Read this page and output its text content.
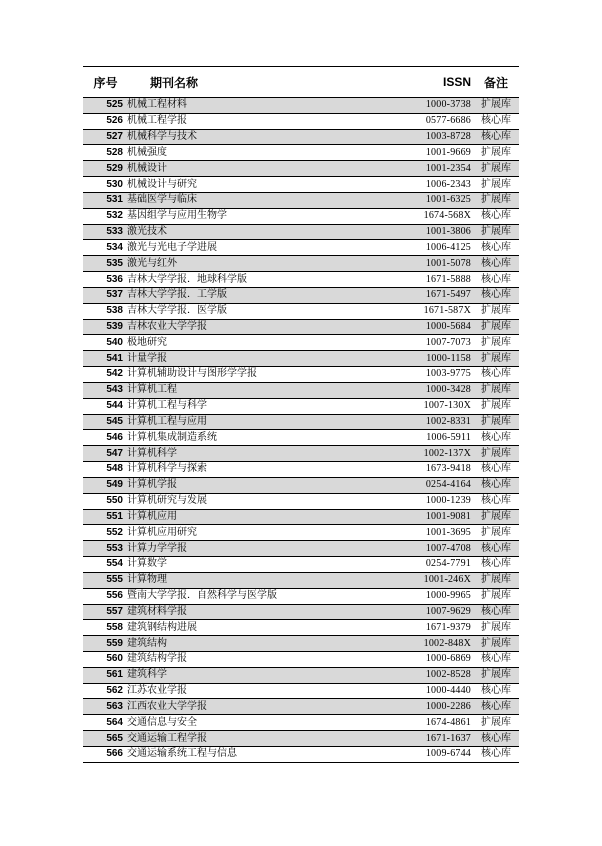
序号	期刊名称	ISSN	备注
525	机械工程材料	1000-3738	扩展库
526	机械工程学报	0577-6686	核心库
527	机械科学与技术	1003-8728	核心库
528	机械强度	1001-9669	扩展库
529	机械设计	1001-2354	扩展库
530	机械设计与研究	1006-2343	扩展库
531	基础医学与临床	1001-6325	扩展库
532	基因组学与应用生物学	1674-568X	核心库
533	激光技术	1001-3806	扩展库
534	激光与光电子学进展	1006-4125	核心库
535	激光与红外	1001-5078	核心库
536	吉林大学学报．地球科学版	1671-5888	核心库
537	吉林大学学报．工学版	1671-5497	核心库
538	吉林大学学报．医学版	1671-587X	扩展库
539	吉林农业大学学报	1000-5684	扩展库
540	极地研究	1007-7073	扩展库
541	计量学报	1000-1158	扩展库
542	计算机辅助设计与图形学学报	1003-9775	核心库
543	计算机工程	1000-3428	扩展库
544	计算机工程与科学	1007-130X	扩展库
545	计算机工程与应用	1002-8331	扩展库
546	计算机集成制造系统	1006-5911	核心库
547	计算机科学	1002-137X	扩展库
548	计算机科学与探索	1673-9418	核心库
549	计算机学报	0254-4164	核心库
550	计算机研究与发展	1000-1239	核心库
551	计算机应用	1001-9081	扩展库
552	计算机应用研究	1001-3695	扩展库
553	计算力学学报	1007-4708	核心库
554	计算数学	0254-7791	核心库
555	计算物理	1001-246X	扩展库
556	暨南大学学报．自然科学与医学版	1000-9965	扩展库
557	建筑材料学报	1007-9629	核心库
558	建筑钢结构进展	1671-9379	扩展库
559	建筑结构	1002-848X	扩展库
560	建筑结构学报	1000-6869	核心库
561	建筑科学	1002-8528	扩展库
562	江苏农业学报	1000-4440	核心库
563	江西农业大学学报	1000-2286	核心库
564	交通信息与安全	1674-4861	扩展库
565	交通运输工程学报	1671-1637	核心库
566	交通运输系统工程与信息	1009-6744	核心库
